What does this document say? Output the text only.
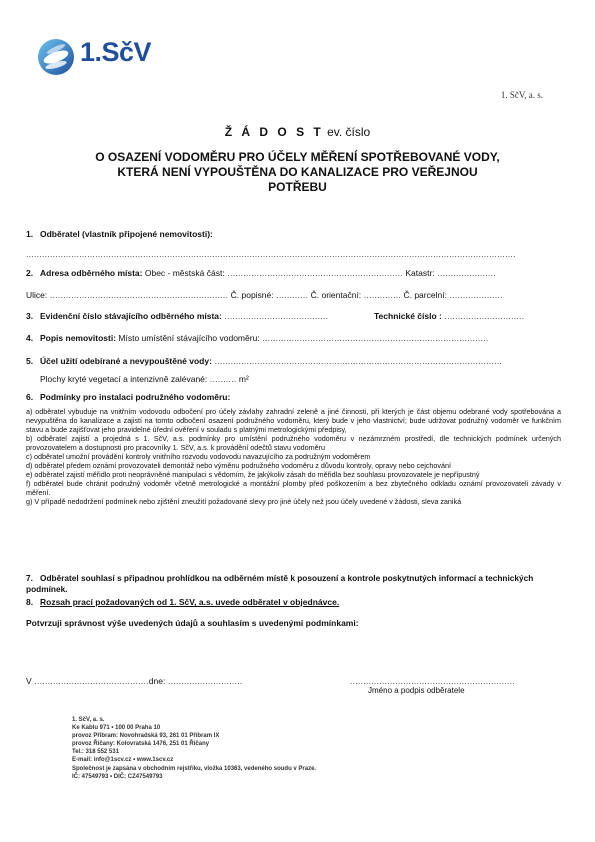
1.SčV
1. SčV, a. s.
Ž Á D O S T ev. číslo
O OSAZENÍ VODOMĚRU PRO ÚČELY MĚŘENÍ SPOTŘEBOVANÉ VODY, KTERÁ NENÍ VYPOUŠTĚNA DO KANALIZACE PRO VEŘEJNOU POTŘEBU
1. Odběratel (vlastník připojené nemovitosti):
........................................................................................................................................................................................
2. Adresa odběrného místa: Obec - městská část: .................................................................. Katastr: ......................
Ulice: ................................................................... Č. popisné: ............ Č. orientační: .............. Č. parcelní: ....................
3. Evidenční číslo stávajícího odběrného místa: .......................................	Technické číslo : ..............................
4. Popis nemovitosti: Místo umístění stávajícího vodoměru: .....................................................................................
5. Účel užití odebírané a nevypouštěné vody: ............................................................................................................
Plochy kryté vegetací a intenzivně zalévané: .......... m²
6. Podmínky pro instalaci podružného vodoměru:

a) odběratel vybuduje na vnitřním vodovodu odbočení pro účely závlahy zahradní zeleně a jiné činnosti, při kterých je část objemu odebrané vody spotřebována a nevypuštěna do kanalizace a zajistí na tomto odbočení osazení podružného vodoměru, který bude v jeho vlastnictví; bude udržovat podružný vodoměr ve funkčním stavu a bude zajišťovat jeho pravidelné úřední ověření v souladu s platnými metrologickými předpisy,

b) odběratel zajistí a projedná s 1. SčV, a.s. podmínky pro umístění podružného vodoměru v nezámrzném prostředí, dle technických podmínek určených provozovatelem a dostupnosti pro pracovníky 1. SčV, a.s. k provádění odečtů stavu vodoměru

c) odběratel umožní provádění kontroly vnitřního rozvodu vodovodu navazujícího za podružným vodoměrem

d) odběratel předem oznámí provozovateli demontáž nebo výměnu podružného vodoměru z důvodu kontroly, opravy nebo cejchování

e) odběratel zajistí měřidlo proti neoprávněné manipulaci s vědomím, že jakýkoliv zásah do měřidla bez souhlasu provozovatele je nepřípustný

f) odběratel bude chránit podružný vodoměr včetně metrologické a montážní plomby před poškozením a bez zbytečného odkladu oznámí provozovateli závady v měření.

g) V případě nedodržení podmínek nebo zjištění zneužití požadované slevy pro jiné účely než jsou účely uvedené v žádosti, sleva zaniká

7. Odběratel souhlasí s připadnou prohlídkou na odběrném místě k posouzení a kontrole poskytnutých informací a technických podmínek.
8. Rozsah prací požadovaných od 1. SčV, a.s. uvede odběratel v objednávce.
Potvrzuji správnost výše uvedených údajů a souhlasím s uvedenými podmínkami:
V ...........................................dne: ............................	..............................................................
Jméno a podpis odběratele
1. SčV, a. s.
Ke Kablu 971 • 100 00 Praha 10
provoz Příbram: Novohradská 93, 261 01 Příbram IX
provoz Říčany: Kolovratská 1476, 251 01 Říčany
Tel.: 318 552 531
E-mail: info@1scv.cz • www.1scv.cz
Společnost je zapsána v obchodním rejstříku, vložka 10363, vedeného soudu v Praze.
IČ: 47549793 • DIČ: CZ47549793
